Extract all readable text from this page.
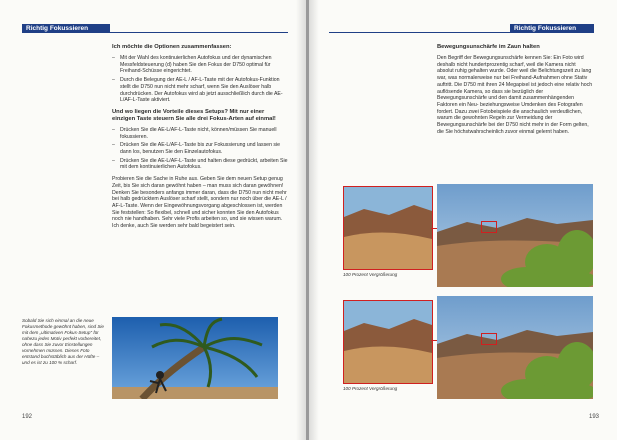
Richtig Fokussieren
Ich möchte die Optionen zusammenfassen:
– Mit der Wahl des kontinuierlichen Autofokus und der dynamischen Messfeldsteuerung (d) haben Sie den Fokus der D750 optimal für Freihand-Schüsse eingerichtet.
– Durch die Belegung der AE-L / AF-L-Taste mit der Autofokus-Funktion stellt die D750 nun nicht mehr scharf, wenn Sie den Auslöser halb durchdrücken. Der Autofokus wird ab jetzt ausschließlich durch die AE-L/AF-L-Taste aktiviert.
Und wo liegen die Vorteile dieses Setups? Mit nur einer einzigen Taste steuern Sie alle drei Fokus-Arten auf einmal!
– Drücken Sie die AE-L/AF-L-Taste nicht, können/müssen Sie manuell fokussieren.
– Drücken Sie die AE-L/AF-L-Taste bis zur Fokussierung und lassen sie dann los, benutzen Sie den Einzelautofokus.
– Drücken Sie die AE-L/AF-L-Taste und halten diese gedrückt, arbeiten Sie mit dem kontinuierlichen Autofokus.

Probieren Sie die Sache in Ruhe aus. Geben Sie dem neuen Setup genug Zeit, bis Sie sich daran gewöhnt haben – man muss sich daran gewöhnen! Denken Sie besonders anfangs immer daran, dass die D750 nun nicht mehr bei halb gedrücktem Auslöser scharf stellt, sondern nur noch über die AE-L / AF-L-Taste. Wenn der Eingewöhnungsvorgang abgeschlossen ist, werden Sie feststellen: So flexibel, schnell und sicher konnten Sie den Autofokus noch nie handhaben. Sehr viele Profis arbeiten so, und sie wissen warum. Ich denke, auch Sie werden sehr bald begeistert sein.

Sobald Sie sich einmal an die neue Fokusmethode gewöhnt haben, sind Sie mit dem „ultimativen Fokus-Setup" für nahezu jedes Motiv perfekt vorbereitet, ohne dass Sie zuvor Einstellungen vornehmen müssen. Dieses Foto entstand buchstäblich aus der Hüfte – und es ist zu 100 % scharf.
192
Richtig Fokussieren
Bewegungsunschärfe im Zaun halten

Den Begriff der Bewegungsunschärfe kennen Sie: Ein Foto wird deshalb nicht hundertprozentig scharf, weil die Kamera nicht absolut ruhig gehalten wurde. Oder weil die Belichtungszeit zu lang war, was normalerweise nur bei Freihand-Aufnahmen ohne Stativ auftritt. Die D750 mit ihren 24 Megapixel ist jedoch eine relativ hoch auflösende Kamera, so dass sie bezüglich der Bewegungsunschärfe und den damit zusammenhängenden Faktoren ein Neu- beziehungsweise Umdenken des Fotografen fordert. Dazu zwei Fotobeispiele die anschaulich verdeutlichen, warum die gewohnten Regeln zur Vermeidung der Bewegungsunschärfe bei der D750 nicht mehr in der Form gelten, die Sie höchstwahrscheinlich zuvor einmal gelernt haben.

100 Prozent Vergrößerung
100 Prozent Vergrößerung
193
